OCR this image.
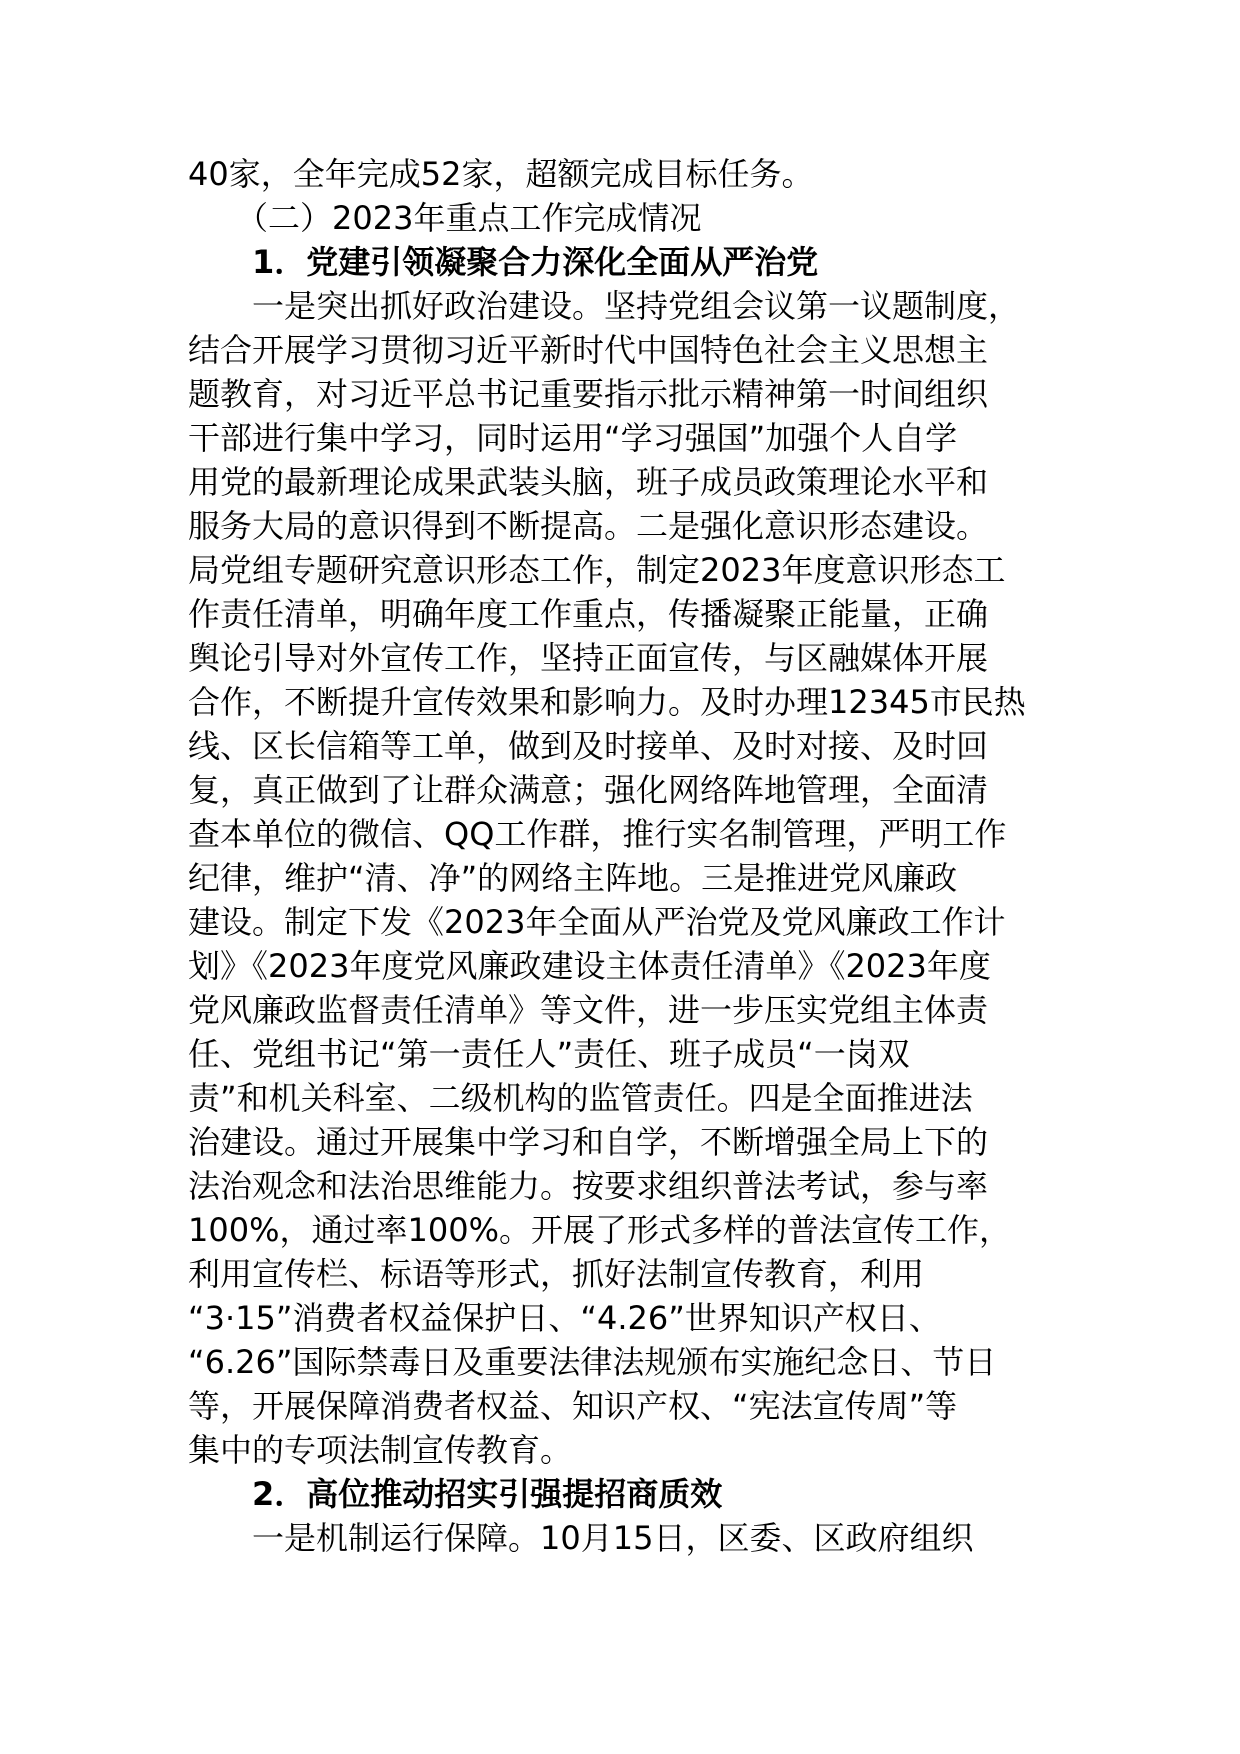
40家，全年完成52家，超额完成目标任务。
　　（二）2023年重点工作完成情况
　　1．党建引领凝聚合力深化全面从严治党
　　一是突出抓好政治建设。坚持党组会议第一议题制度，
结合开展学习贯彻习近平新时代中国特色社会主义思想主
题教育，对习近平总书记重要指示批示精神第一时间组织
干部进行集中学习，同时运用“学习强国”加强个人自学
用党的最新理论成果武装头脑，班子成员政策理论水平和
服务大局的意识得到不断提高。二是强化意识形态建设。
局党组专题研究意识形态工作，制定2023年度意识形态工
作责任清单，明确年度工作重点，传播凝聚正能量，正确
舆论引导对外宣传工作，坚持正面宣传，与区融媒体开展
合作，不断提升宣传效果和影响力。及时办理12345市民热
线、区长信箱等工单，做到及时接单、及时对接、及时回
复，真正做到了让群众满意；强化网络阵地管理，全面清
查本单位的微信、QQ工作群，推行实名制管理，严明工作
纪律，维护“清、净”的网络主阵地。三是推进党风廉政
建设。制定下发《2023年全面从严治党及党风廉政工作计
划》《2023年度党风廉政建设主体责任清单》《2023年度
党风廉政监督责任清单》等文件，进一步压实党组主体责
任、党组书记“第一责任人”责任、班子成员“一岗双
责”和机关科室、二级机构的监管责任。四是全面推进法
治建设。通过开展集中学习和自学，不断增强全局上下的
法治观念和法治思维能力。按要求组织普法考试，参与率
100%，通过率100%。开展了形式多样的普法宣传工作，
利用宣传栏、标语等形式，抓好法制宣传教育，利用
“3·15”消费者权益保护日、“4.26”世界知识产权日、
“6.26”国际禁毒日及重要法律法规颁布实施纪念日、节日
等，开展保障消费者权益、知识产权、“宪法宣传周”等
集中的专项法制宣传教育。
　　2．高位推动招实引强提招商质效
　　一是机制运行保障。10月15日，区委、区政府组织
